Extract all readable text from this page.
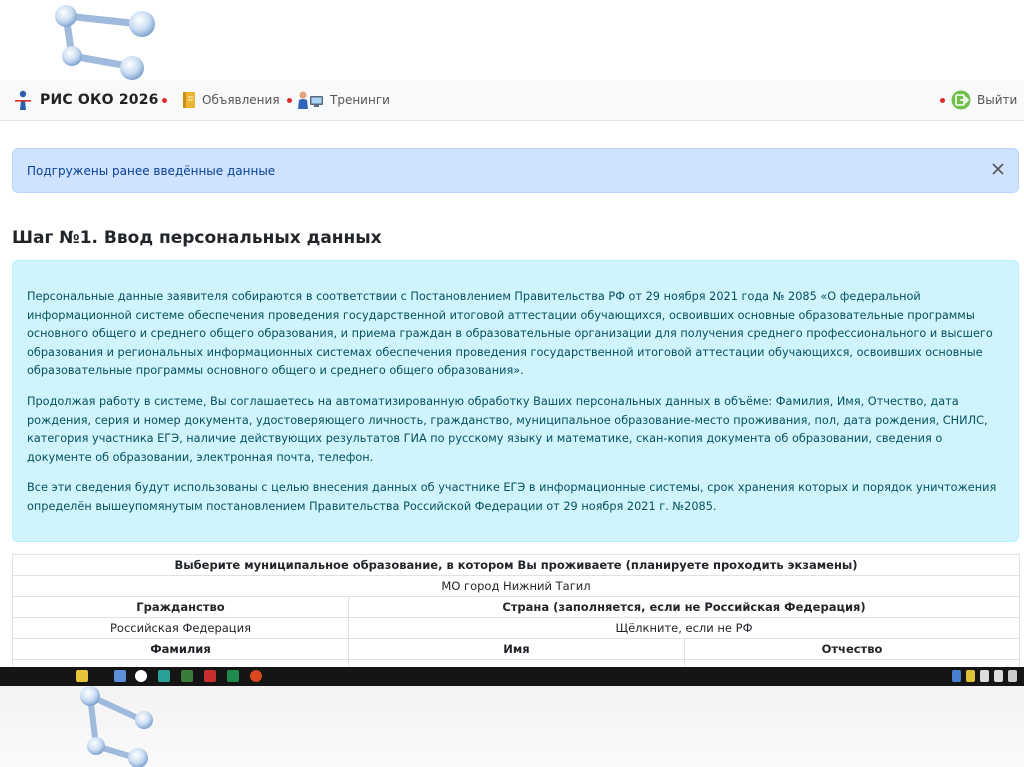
РИС ОКО 2026	Объявления	Тренинги	Выйти
Подгружены ранее введённые данные
Шаг №1. Ввод персональных данных

Персональные данные заявителя собираются в соответствии с Постановлением Правительства РФ от 29 ноября 2021 года № 2085 «О федеральной информационной системе обеспечения проведения государственной итоговой аттестации обучающихся, освоивших основные образовательные программы основного общего и среднего общего образования, и приема граждан в образовательные организации для получения среднего профессионального и высшего образования и региональных информационных системах обеспечения проведения государственной итоговой аттестации обучающихся, освоивших основные образовательные программы основного общего и среднего общего образования».

Продолжая работу в системе, Вы соглашаетесь на автоматизированную обработку Ваших персональных данных в объёме: Фамилия, Имя, Отчество, дата рождения, серия и номер документа, удостоверяющего личность, гражданство, муниципальное образование-место проживания, пол, дата рождения, СНИЛС, категория участника ЕГЭ, наличие действующих результатов ГИА по русскому языку и математике, скан-копия документа об образовании, сведения о документе об образовании, электронная почта, телефон.

Все эти сведения будут использованы с целью внесения данных об участнике ЕГЭ в информационные системы, срок хранения которых и порядок уничтожения определён вышеупомянутым постановлением Правительства Российской Федерации от 29 ноября 2021 г. №2085.

Выберите муниципальное образование, в котором Вы проживаете (планируете проходить экзамены)		
МО город Нижний Тагил		
Гражданство	Страна (заполняется, если не Российская Федерация)	
Российская Федерация	Щёлкните, если не РФ	
Фамилия	Имя	Отчество
